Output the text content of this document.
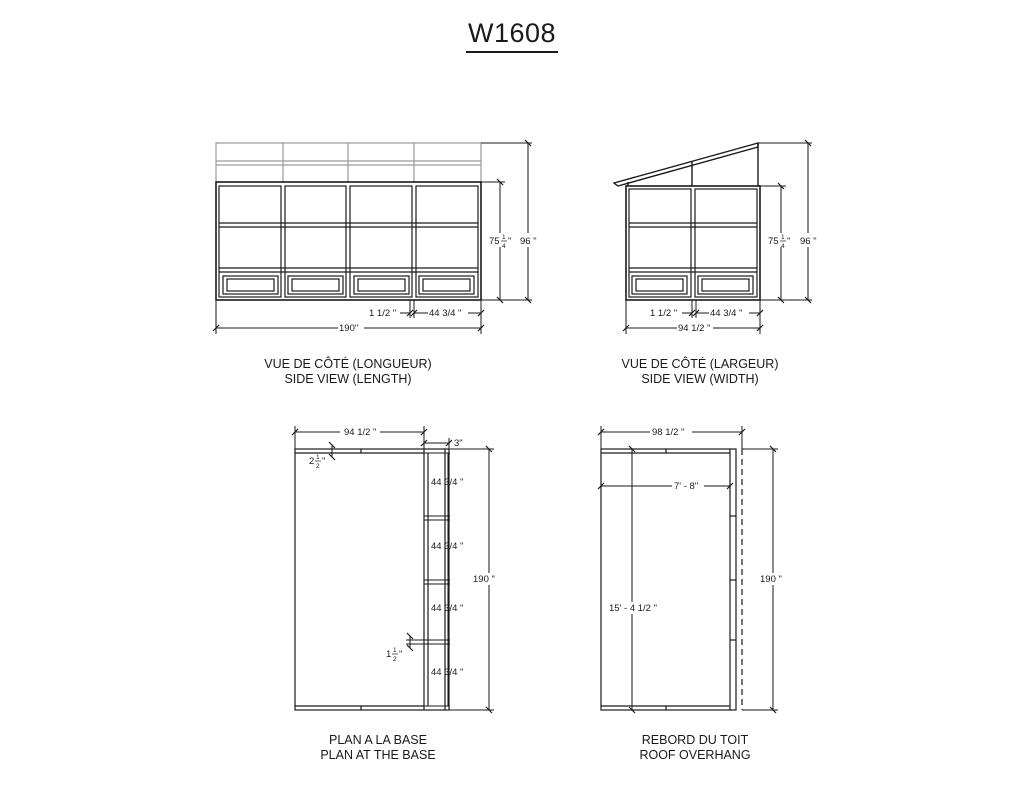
W1608
75 1
4 " 96 "
1 1/2 "	44 3/4 "
190"
75 1
4 " 96 "
1 1/2 "	44 3/4 "
94 1/2 "
94 1/2 "
3"
2 1
2 "
1 1
2 "
44 3/4 "
44 3/4 "
44 3/4 "
44 3/4 "
190 "
98 1/2 "
7' - 8"
15' - 4 1/2 "
190 "
VUE DE CÔTÉ (LONGUEUR)
SIDE VIEW (LENGTH)
VUE DE CÔTÉ (LARGEUR)
SIDE VIEW (WIDTH)
PLAN A LA BASE
PLAN AT THE BASE
REBORD DU TOIT
ROOF OVERHANG
